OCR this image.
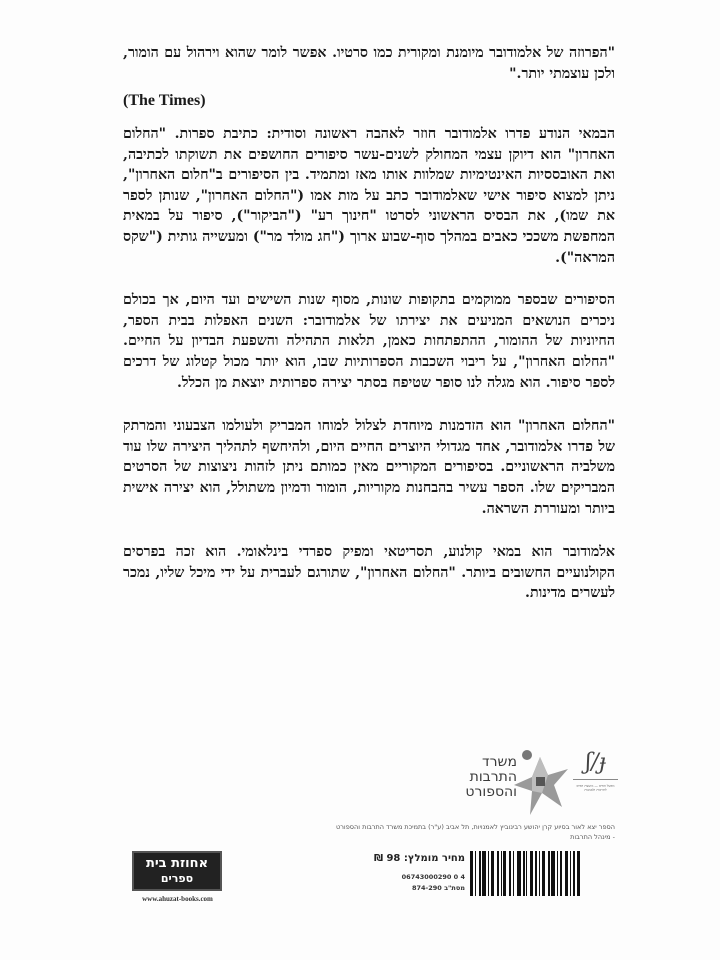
"הפרוזה של אלמודובר מיומנת ומקורית כמו סרטיו. אפשר לומר שהוא וירהול עם הומור, ולכן עוצמתי יותר."

(The Times)

הבמאי הנודע פדרו אלמודובר חוזר לאהבה ראשונה וסודית: כתיבת ספרות. "החלום האחרון" הוא דיוקן עצמי המחולק לשנים-עשר סיפורים החושפים את תשוקתו לכתיבה, ואת האובססיות האינטימיות שמלוות אותו מאז ומתמיד. בין הסיפורים ב"חלום האחרון", ניתן למצוא סיפור אישי שאלמודובר כתב על מות אמו ("החלום האחרון", שנותן לספר את שמו), את הבסיס הראשוני לסרטו "חינוך רע" ("הביקור"), סיפור על במאית המחפשת משככי כאבים במהלך סוף-שבוע ארוך ("חג מולד מר") ומעשייה גותית ("שקס המראה").

הסיפורים שבספר ממוקמים בתקופות שונות, מסוף שנות השישים ועד היום, אך בכולם ניכרים הנושאים המניעים את יצירתו של אלמודובר: השנים האפלות בבית הספר, החיוניות של ההומור, ההתפתחות כאמן, תלאות התהילה והשפעת הבדיון על החיים. "החלום האחרון", על ריבוי השכבות הספרותיות שבו, הוא יותר מכול קטלוג של דרכים לספר סיפור. הוא מגלה לנו סופר שטיפח בסתר יצירה ספרותית יוצאת מן הכלל.

"החלום האחרון" הוא הזדמנות מיוחדת לצלול למוחו המבריק ולעולמו הצבעוני והמרתק של פדרו אלמודובר, אחד מגדולי היוצרים החיים היום, ולהיחשף לתהליך היצירה שלו עוד משלביה הראשוניים. בסיפורים המקוריים מאין כמותם ניתן לזהות ניצוצות של הסרטים המבריקים שלו. הספר עשיר בהבחנות מקוריות, הומור ודמיון משתולל, הוא יצירה אישית ביותר ומעוררת השראה.

אלמודובר הוא במאי קולנוע, תסריטאי ומפיק ספרדי בינלאומי. הוא זכה בפרסים הקולנועיים החשובים ביותר. "החלום האחרון", שתורגם לעברית על ידי מיכל שליו, נמכר לעשרים מדינות.

משרד
התרבות
והספורט
ʃ/ɟ
מפעל הפיס — מועצת הפיס לתרבות ולאמנות
הספר יצא לאור בסיוע קרן יהושע רבינוביץ לאמנויות, תל אביב (ע"ר) בתמיכת משרד התרבות והספורט - מינהל התרבות
מחיר מומלץ: 98 ₪
4 0 06743000290
מסת"ב 874-290
אחוזת בית
ספרים
www.ahuzat-books.com
